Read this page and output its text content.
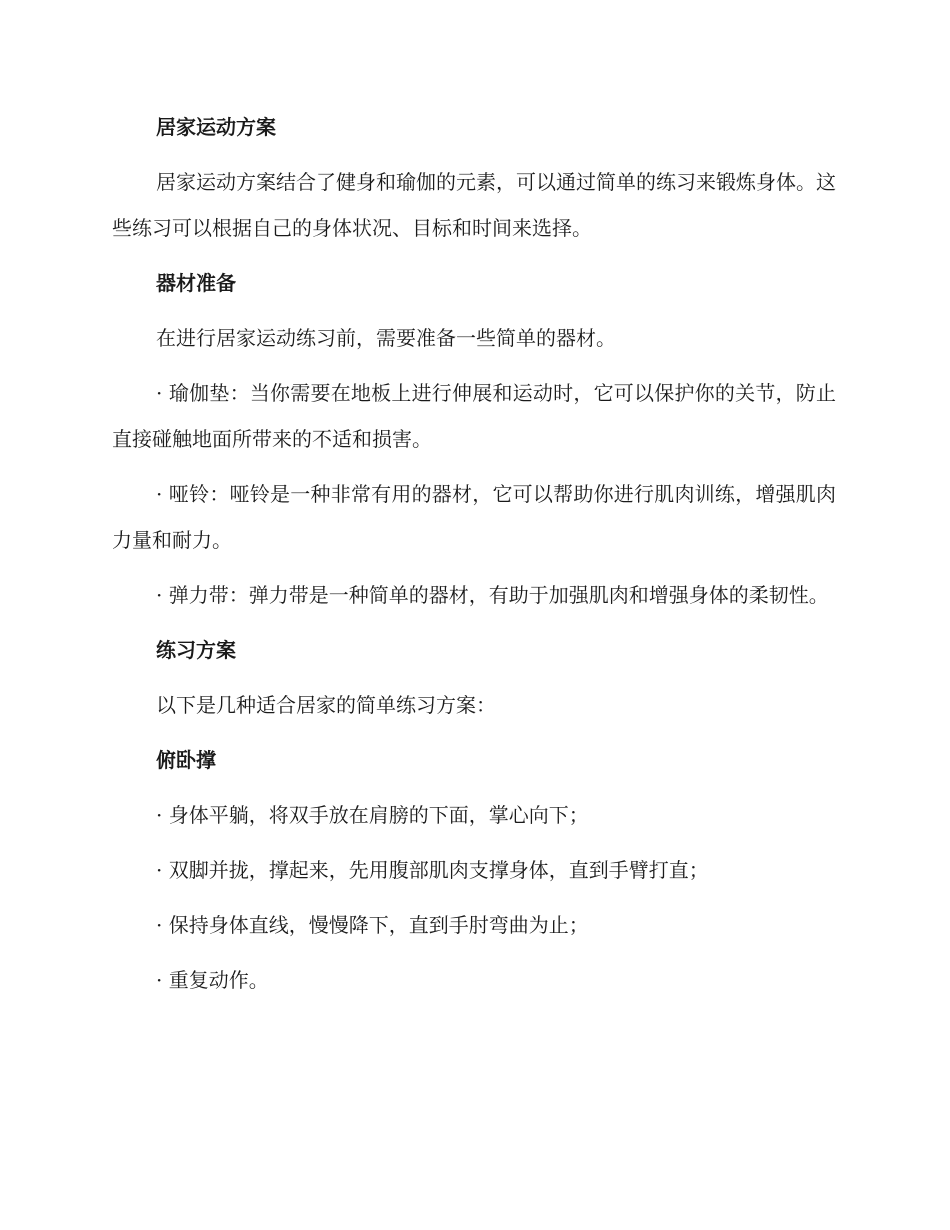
居家运动方案
居家运动方案结合了健身和瑜伽的元素，可以通过简单的练习来锻炼身体。这些练习可以根据自己的身体状况、目标和时间来选择。
器材准备
在进行居家运动练习前，需要准备一些简单的器材。
· 瑜伽垫：当你需要在地板上进行伸展和运动时，它可以保护你的关节，防止直接碰触地面所带来的不适和损害。
· 哑铃：哑铃是一种非常有用的器材，它可以帮助你进行肌肉训练，增强肌肉力量和耐力。
· 弹力带：弹力带是一种简单的器材，有助于加强肌肉和增强身体的柔韧性。
练习方案
以下是几种适合居家的简单练习方案：
俯卧撑
· 身体平躺，将双手放在肩膀的下面，掌心向下；
· 双脚并拢，撑起来，先用腹部肌肉支撑身体，直到手臂打直；
· 保持身体直线，慢慢降下，直到手肘弯曲为止；
· 重复动作。
